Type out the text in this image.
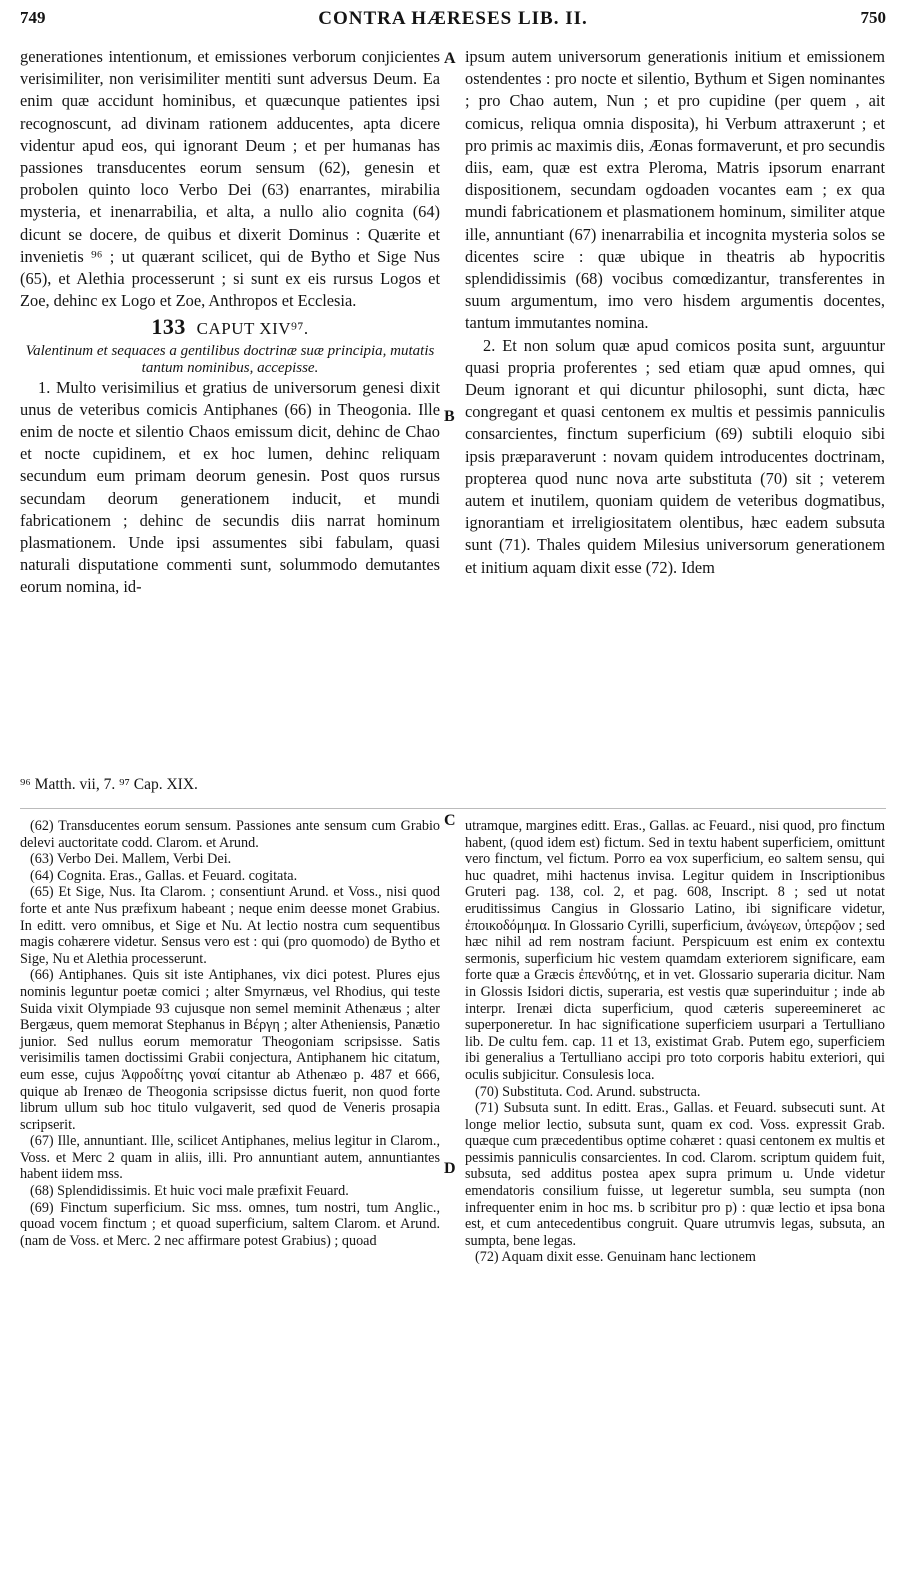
749	CONTRA HÆRESES LIB. II.	750
A
B
C
D

generationes intentionum, et emissiones verborum conjicientes verisimiliter, non verisimiliter mentiti sunt adversus Deum. Ea enim quæ accidunt hominibus, et quæcunque patientes ipsi recognoscunt, ad divinam rationem adducentes, apta dicere videntur apud eos, qui ignorant Deum ; et per humanas has passiones transducentes eorum sensum (62), genesin et probolen quinto loco Verbo Dei (63) enarrantes, mirabilia mysteria, et inenarrabilia, et alta, a nullo alio cognita (64) dicunt se docere, de quibus et dixerit Dominus : Quærite et invenietis ⁹⁶ ; ut quærant scilicet, qui de Bytho et Sige Nus (65), et Alethia processerunt ; si sunt ex eis rursus Logos et Zoe, dehinc ex Logo et Zoe, Anthropos et Ecclesia.

133 CAPUT XIV⁹⁷.

Valentinum et sequaces a gentilibus doctrinæ suæ principia, mutatis tantum nominibus, accepisse.

1. Multo verisimilius et gratius de universorum genesi dixit unus de veteribus comicis Antiphanes (66) in Theogonia. Ille enim de nocte et silentio Chaos emissum dicit, dehinc de Chao et nocte cupidinem, et ex hoc lumen, dehinc reliquam secundum eum primam deorum genesin. Post quos rursus secundam deorum generationem inducit, et mundi fabricationem ; dehinc de secundis diis narrat hominum plasmationem. Unde ipsi assumentes sibi fabulam, quasi naturali disputatione commenti sunt, solummodo demutantes eorum nomina, id-

ipsum autem universorum generationis initium et emissionem ostendentes : pro nocte et silentio, Bythum et Sigen nominantes ; pro Chao autem, Nun ; et pro cupidine (per quem , ait comicus, reliqua omnia disposita), hi Verbum attraxerunt ; et pro primis ac maximis diis, Æonas formaverunt, et pro secundis diis, eam, quæ est extra Pleroma, Matris ipsorum enarrant dispositionem, secundam ogdoaden vocantes eam ; ex qua mundi fabricationem et plasmationem hominum, similiter atque ille, annuntiant (67) inenarrabilia et incognita mysteria solos se dicentes scire : quæ ubique in theatris ab hypocritis splendidissimis (68) vocibus comœdizantur, transferentes in suum argumentum, imo vero hisdem argumentis docentes, tantum immutantes nomina.

2. Et non solum quæ apud comicos posita sunt, arguuntur quasi propria proferentes ; sed etiam quæ apud omnes, qui Deum ignorant et qui dicuntur philosophi, sunt dicta, hæc congregant et quasi centonem ex multis et pessimis panniculis consarcientes, finctum superficium (69) subtili eloquio sibi ipsis præparaverunt : novam quidem introducentes doctrinam, propterea quod nunc nova arte substituta (70) sit ; veterem autem et inutilem, quoniam quidem de veteribus dogmatibus, ignorantiam et irreligiositatem olentibus, hæc eadem subsuta sunt (71). Thales quidem Milesius universorum generationem et initium aquam dixit esse (72). Idem

⁹⁶ Matth. vii, 7. ⁹⁷ Cap. XIX.

(62) Transducentes eorum sensum. Passiones ante sensum cum Grabio delevi auctoritate codd. Clarom. et Arund.

(63) Verbo Dei. Mallem, Verbi Dei.

(64) Cognita. Eras., Gallas. et Feuard. cogitata.

(65) Et Sige, Nus. Ita Clarom. ; consentiunt Arund. et Voss., nisi quod forte et ante Nus præfixum habeant ; neque enim deesse monet Grabius. In editt. vero omnibus, et Sige et Nu. At lectio nostra cum sequentibus magis cohærere videtur. Sensus vero est : qui (pro quomodo) de Bytho et Sige, Nu et Alethia processerunt.

(66) Antiphanes. Quis sit iste Antiphanes, vix dici potest. Plures ejus nominis leguntur poetæ comici ; alter Smyrnæus, vel Rhodius, qui teste Suida vixit Olympiade 93 cujusque non semel meminit Athenæus ; alter Bergæus, quem memorat Stephanus in Βέργη ; alter Atheniensis, Panætio junior. Sed nullus eorum memoratur Theogoniam scripsisse. Satis verisimilis tamen doctissimi Grabii conjectura, Antiphanem hic citatum, eum esse, cujus Ἀφροδίτης γοναί citantur ab Athenæo p. 487 et 666, quique ab Irenæo de Theogonia scripsisse dictus fuerit, non quod forte librum ullum sub hoc titulo vulgaverit, sed quod de Veneris prosapia scripserit.

(67) Ille, annuntiant. Ille, scilicet Antiphanes, melius legitur in Clarom., Voss. et Merc 2 quam in aliis, illi. Pro annuntiant autem, annuntiantes habent iidem mss.

(68) Splendidissimis. Et huic voci male præfixit Feuard.

(69) Finctum superficium. Sic mss. omnes, tum nostri, tum Anglic., quoad vocem finctum ; et quoad superficium, saltem Clarom. et Arund. (nam de Voss. et Merc. 2 nec affirmare potest Grabius) ; quoad

utramque, margines editt. Eras., Gallas. ac Feuard., nisi quod, pro finctum habent, (quod idem est) fictum. Sed in textu habent superficiem, omittunt vero finctum, vel fictum. Porro ea vox superficium, eo saltem sensu, qui huc quadret, mihi hactenus invisa. Legitur quidem in Inscriptionibus Gruteri pag. 138, col. 2, et pag. 608, Inscript. 8 ; sed ut notat eruditissimus Cangius in Glossario Latino, ibi significare videtur, ἐποικοδόμημα. In Glossario Cyrilli, superficium, ἀνώγεων, ὑπερῷον ; sed hæc nihil ad rem nostram faciunt. Perspicuum est enim ex contextu sermonis, superficium hic vestem quamdam exteriorem significare, eam forte quæ a Græcis ἐπενδύτης, et in vet. Glossario superaria dicitur. Nam in Glossis Isidori dictis, superaria, est vestis quæ superinduitur ; inde ab interpr. Irenæi dicta superficium, quod cæteris supereemineret ac superponeretur. In hac significatione superficiem usurpari a Tertulliano lib. De cultu fem. cap. 11 et 13, existimat Grab. Putem ego, superficiem ibi generalius a Tertulliano accipi pro toto corporis habitu exteriori, qui oculis subjicitur. Consulesis loca.

(70) Substituta. Cod. Arund. substructa.

(71) Subsuta sunt. In editt. Eras., Gallas. et Feuard. subsecuti sunt. At longe melior lectio, subsuta sunt, quam ex cod. Voss. expressit Grab. quæque cum præcedentibus optime cohæret : quasi centonem ex multis et pessimis panniculis consarcientes. In cod. Clarom. scriptum quidem fuit, subsuta, sed additus postea apex supra primum u. Unde videtur emendatoris consilium fuisse, ut legeretur sumbla, seu sumpta (non infrequenter enim in hoc ms. b scribitur pro p) : quæ lectio et ipsa bona est, et cum antecedentibus congruit. Quare utrumvis legas, subsuta, an sumpta, bene legas.

(72) Aquam dixit esse. Genuinam hanc lectionem
